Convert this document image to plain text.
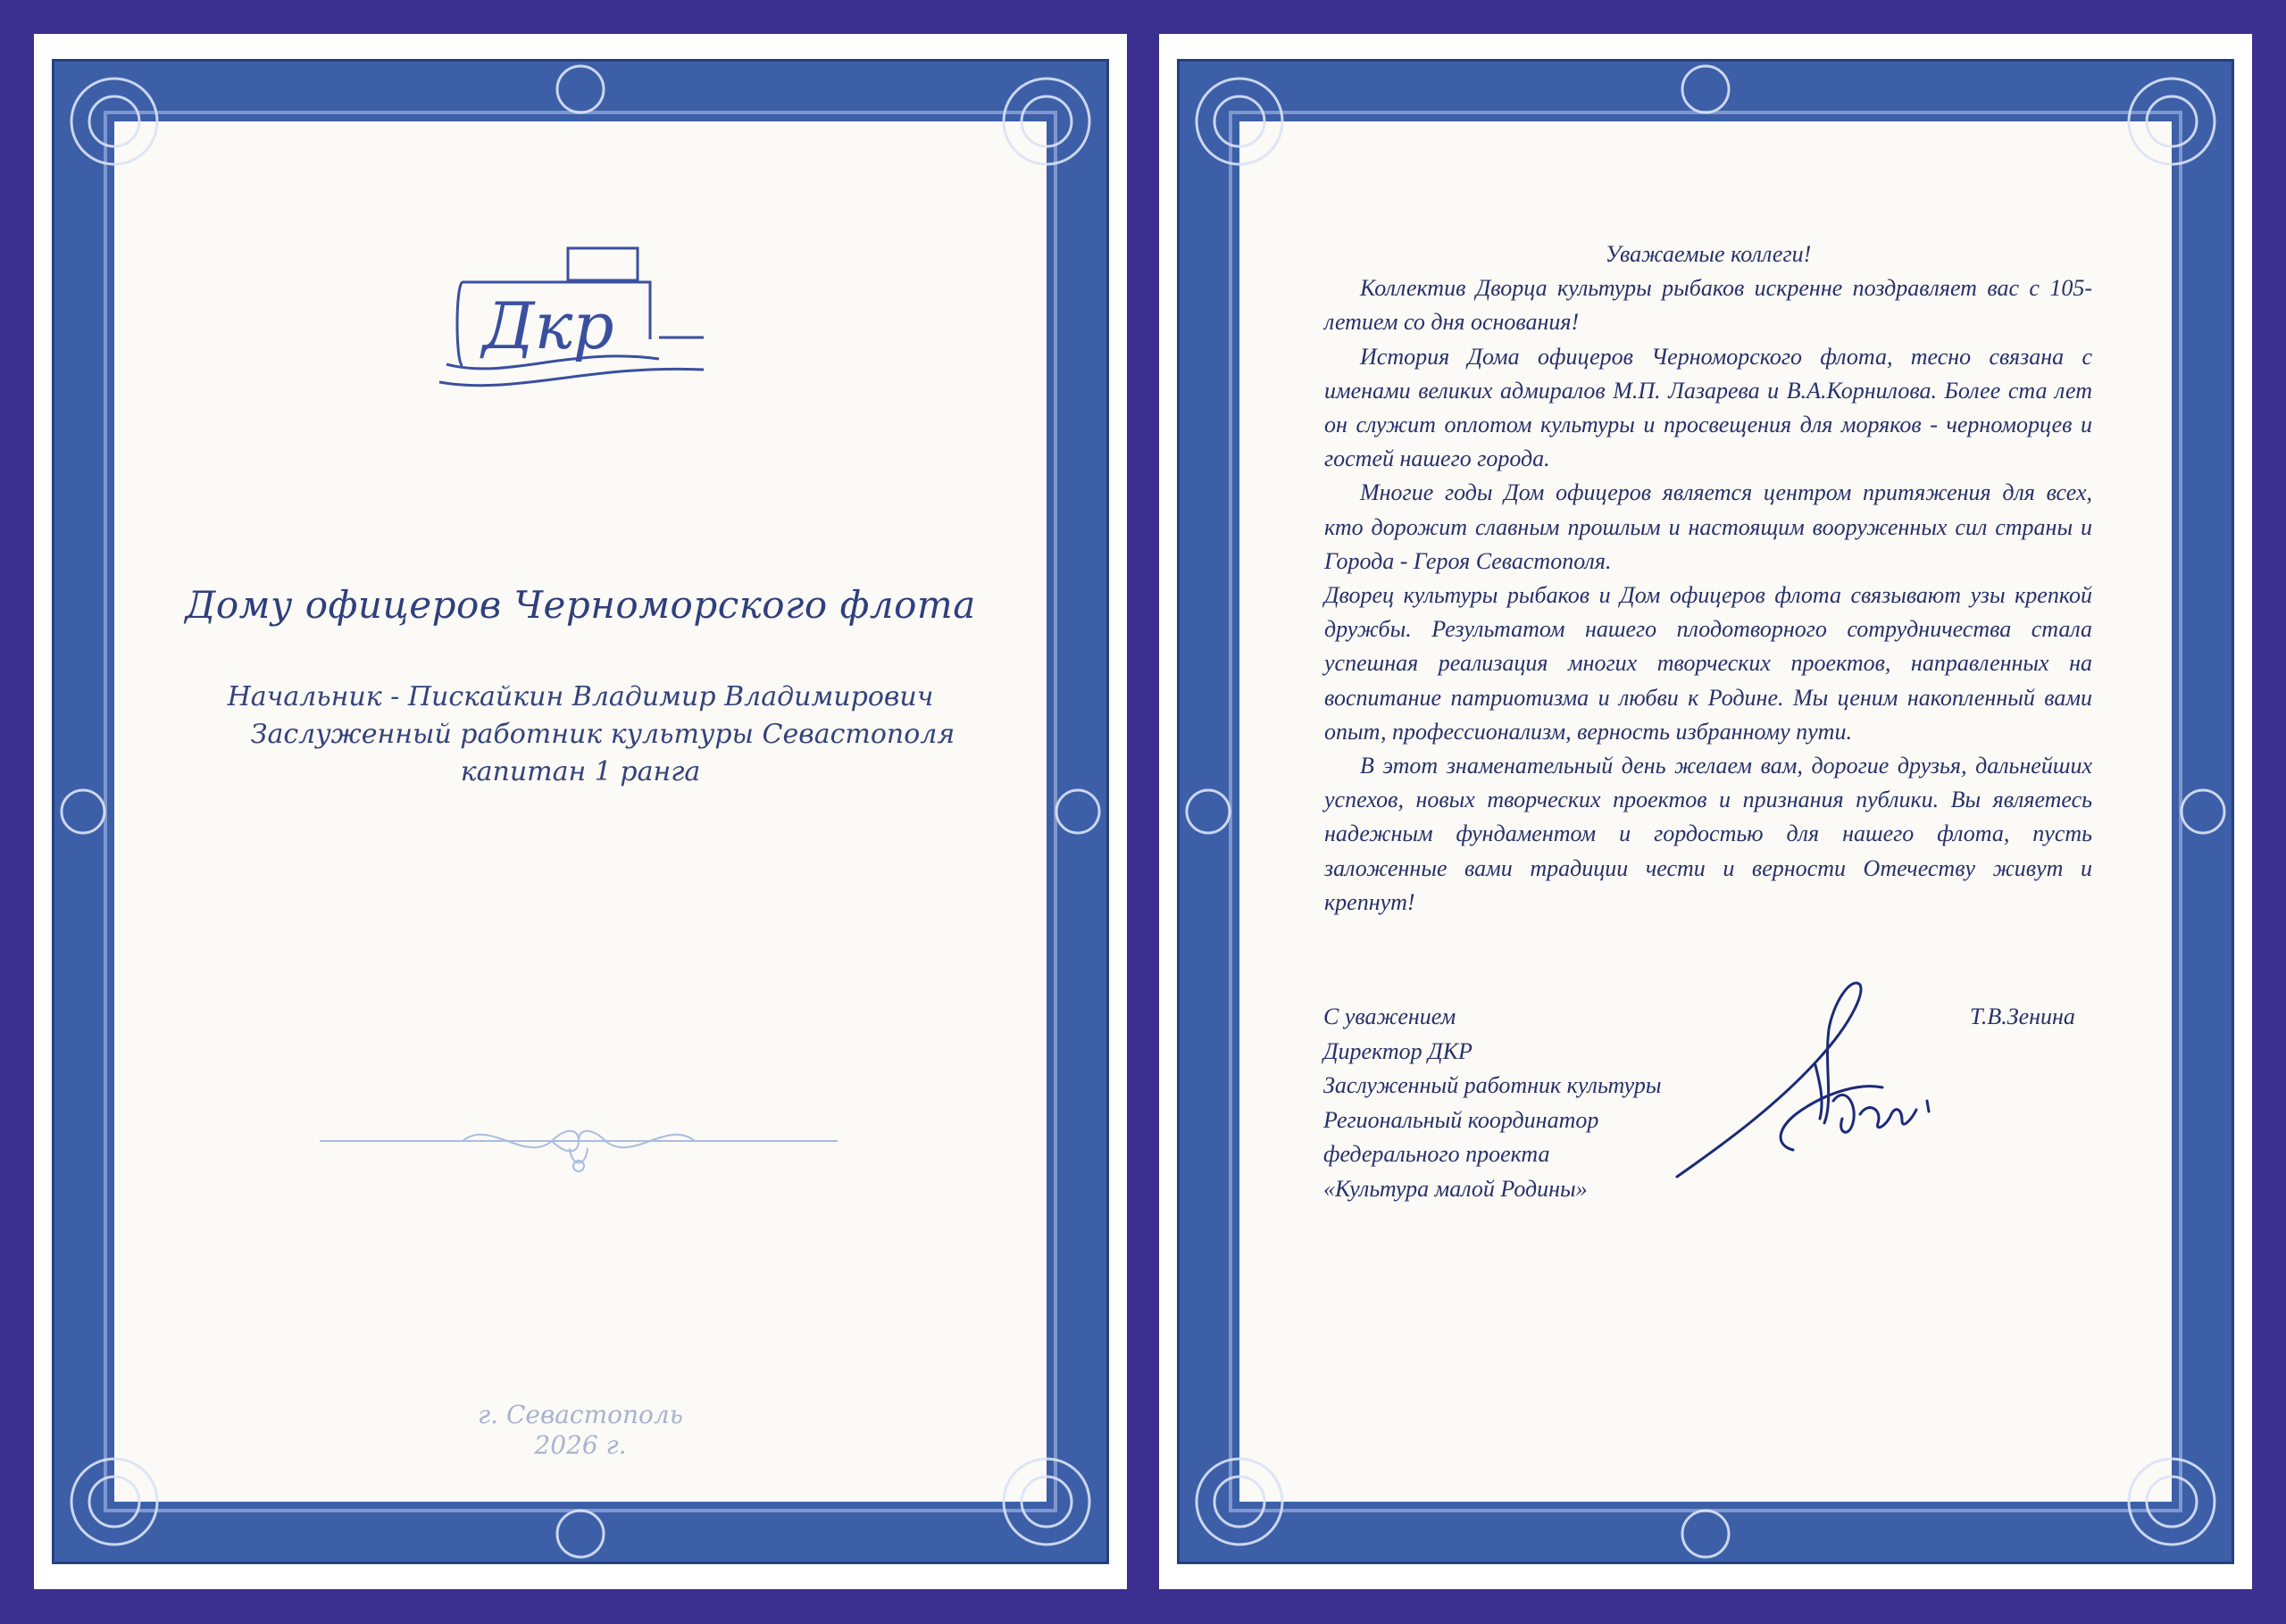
Дкр
Дому офицеров Черноморского флота
Начальник - Пискайкин Владимир Владимирович
Заслуженный работник культуры Севастополя
капитан 1 ранга
г. Севастополь
2026 г.
Уважаемые коллеги!

Коллектив Дворца культуры рыбаков искренне поздравляет вас с 105-летием со дня основания!

История Дома офицеров Черноморского флота, тесно связана с именами великих адмиралов М.П. Лазарева и В.А.Корнилова. Более ста лет он служит оплотом культуры и просвещения для моряков - черноморцев и гостей нашего города.

Многие годы Дом офицеров является центром притяжения для всех, кто дорожит славным прошлым и настоящим вооруженных сил страны и Города - Героя Севастополя.

Дворец культуры рыбаков и Дом офицеров флота связывают узы крепкой дружбы. Результатом нашего плодотворного сотрудничества стала успешная реализация многих творческих проектов, направленных на воспитание патриотизма и любви к Родине. Мы ценим накопленный вами опыт, профессионализм, верность избранному пути.

В этот знаменательный день желаем вам, дорогие друзья, дальнейших успехов, новых творческих проектов и признания публики. Вы являетесь надежным фундаментом и гордостью для нашего флота, пусть заложенные вами традиции чести и верности Отечеству живут и крепнут!

С уважением
Директор ДКР
Заслуженный работник культуры
Региональный координатор
федерального проекта
«Культура малой Родины»
Т.В.Зенина
